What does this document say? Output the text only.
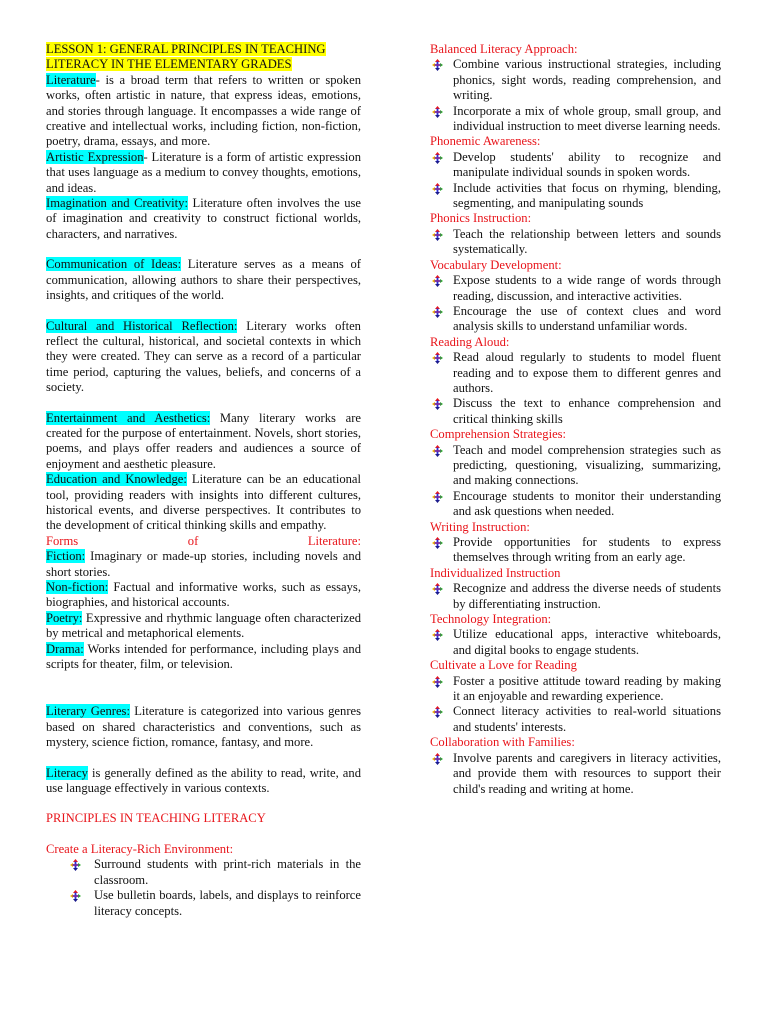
LESSON 1: GENERAL PRINCIPLES IN TEACHING LITERACY IN THE ELEMENTARY GRADES

Literature- is a broad term that refers to written or spoken works, often artistic in nature, that express ideas, emotions, and stories through language. It encompasses a wide range of creative and intellectual works, including fiction, non-fiction, poetry, drama, essays, and more.

Artistic Expression- Literature is a form of artistic expression that uses language as a medium to convey thoughts, emotions, and ideas.

Imagination and Creativity: Literature often involves the use of imagination and creativity to construct fictional worlds, characters, and narratives.

Communication of Ideas: Literature serves as a means of communication, allowing authors to share their perspectives, insights, and critiques of the world.

Cultural and Historical Reflection: Literary works often reflect the cultural, historical, and societal contexts in which they were created. They can serve as a record of a particular time period, capturing the values, beliefs, and concerns of a society.

Entertainment and Aesthetics: Many literary works are created for the purpose of entertainment. Novels, short stories, poems, and plays offer readers and audiences a source of enjoyment and aesthetic pleasure.

Education and Knowledge: Literature can be an educational tool, providing readers with insights into different cultures, historical events, and diverse perspectives. It contributes to the development of critical thinking skills and empathy.

Forms	of	Literature:

Fiction: Imaginary or made-up stories, including novels and short stories.

Non-fiction: Factual and informative works, such as essays, biographies, and historical accounts.

Poetry: Expressive and rhythmic language often characterized by metrical and metaphorical elements.

Drama: Works intended for performance, including plays and scripts for theater, film, or television.

Literary Genres: Literature is categorized into various genres based on shared characteristics and conventions, such as mystery, science fiction, romance, fantasy, and more.

Literacy is generally defined as the ability to read, write, and use language effectively in various contexts.

PRINCIPLES IN TEACHING LITERACY

Create a Literacy-Rich Environment:

Surround students with print-rich materials in the classroom.
Use bulletin boards, labels, and displays to reinforce literacy concepts.

Balanced Literacy Approach:

Combine various instructional strategies, including phonics, sight words, reading comprehension, and writing.
Incorporate a mix of whole group, small group, and individual instruction to meet diverse learning needs.

Phonemic Awareness:

Develop students' ability to recognize and manipulate individual sounds in spoken words.
Include activities that focus on rhyming, blending, segmenting, and manipulating sounds

Phonics Instruction:

Teach the relationship between letters and sounds systematically.

Vocabulary Development:

Expose students to a wide range of words through reading, discussion, and interactive activities.
Encourage the use of context clues and word analysis skills to understand unfamiliar words.

Reading Aloud:

Read aloud regularly to students to model fluent reading and to expose them to different genres and authors.
Discuss the text to enhance comprehension and critical thinking skills

Comprehension Strategies:

Teach and model comprehension strategies such as predicting, questioning, visualizing, summarizing, and making connections.
Encourage students to monitor their understanding and ask questions when needed.

Writing Instruction:

Provide opportunities for students to express themselves through writing from an early age.

Individualized Instruction

Recognize and address the diverse needs of students by differentiating instruction.

Technology Integration:

Utilize educational apps, interactive whiteboards, and digital books to engage students.

Cultivate a Love for Reading

Foster a positive attitude toward reading by making it an enjoyable and rewarding experience.
Connect literacy activities to real-world situations and students' interests.

Collaboration with Families:

Involve parents and caregivers in literacy activities, and provide them with resources to support their child's reading and writing at home.
